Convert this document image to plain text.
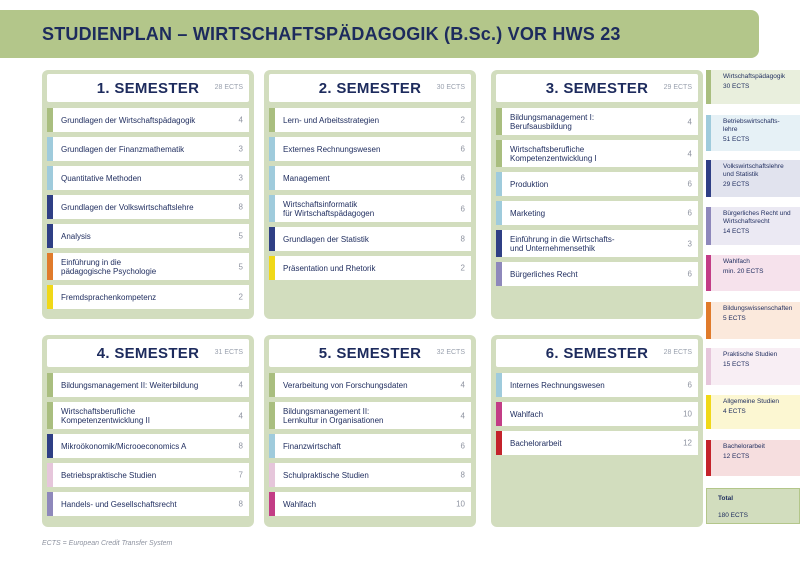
STUDIENPLAN – WIRTSCHAFTSPÄDAGOGIK (B.Sc.) VOR HWS 23
1. SEMESTER 28 ECTS
Grundlagen der Wirtschaftspädagogik	4
Grundlagen der Finanzmathematik	3
Quantitative Methoden	3
Grundlagen der Volkswirtschaftslehre	8
Analysis	5
Einführung in die
pädagogische Psychologie	5
Fremdsprachenkompetenz	2
2. SEMESTER 30 ECTS
Lern- und Arbeitsstrategien	2
Externes Rechnungswesen	6
Management	6
Wirtschaftsinformatik
für Wirtschaftspädagogen	6
Grundlagen der Statistik	8
Präsentation und Rhetorik	2
3. SEMESTER 29 ECTS
Bildungsmanagement I:
Berufsausbildung	4
Wirtschaftsberufliche
Kompetenzentwicklung I	4
Produktion	6
Marketing	6
Einführung in die Wirtschafts-
und Unternehmensethik	3
Bürgerliches Recht	6
4. SEMESTER 31 ECTS
Bildungsmanagement II: Weiterbildung	4
Wirtschaftsberufliche
Kompetenzentwicklung II	4
Mikroökonomik/Microoeconomics A	8
Betriebspraktische Studien	7
Handels- und Gesellschaftsrecht	8
5. SEMESTER 32 ECTS
Verarbeitung von Forschungsdaten	4
Bildungsmanagement II:
Lernkultur in Organisationen	4
Finanzwirtschaft	6
Schulpraktische Studien	8
Wahlfach	10
6. SEMESTER 28 ECTS
Internes Rechnungswesen	6
Wahlfach	10
Bachelorarbeit	12
Wirtschaftspädagogik
30 ECTS
Betriebswirtschafts-
lehre
51 ECTS
Volkswirtschaftslehre
und Statistik
29 ECTS
Bürgerliches Recht und
Wirtschaftsrecht
14 ECTS
Wahlfach
min. 20 ECTS
Bildungswissenschaften
5 ECTS
Praktische Studien
15 ECTS
Allgemeine Studien
4 ECTS
Bachelorarbeit
12 ECTS
Total
180 ECTS
ECTS = European Credit Transfer System
